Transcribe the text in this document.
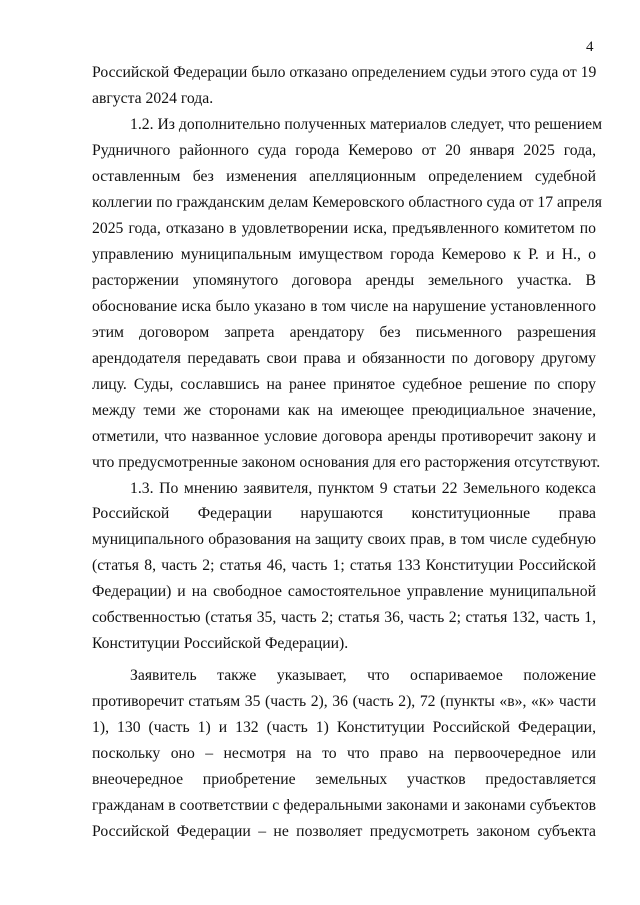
4
Российской Федерации было отказано определением судьи этого суда от 19
августа 2024 года.
1.2. Из дополнительно полученных материалов следует, что решением
Рудничного районного суда города Кемерово от 20 января 2025 года,
оставленным без изменения апелляционным определением судебной
коллегии по гражданским делам Кемеровского областного суда от 17 апреля
2025 года, отказано в удовлетворении иска, предъявленного комитетом по
управлению муниципальным имуществом города Кемерово к Р. и Н., о
расторжении упомянутого договора аренды земельного участка. В
обоснование иска было указано в том числе на нарушение установленного
этим договором запрета арендатору без письменного разрешения
арендодателя передавать свои права и обязанности по договору другому
лицу. Суды, сославшись на ранее принятое судебное решение по спору
между теми же сторонами как на имеющее преюдициальное значение,
отметили, что названное условие договора аренды противоречит закону и
что предусмотренные законом основания для его расторжения отсутствуют.
1.3. По мнению заявителя, пунктом 9 статьи 22 Земельного кодекса
Российской Федерации нарушаются конституционные права
муниципального образования на защиту своих прав, в том числе судебную
(статья 8, часть 2; статья 46, часть 1; статья 133 Конституции Российской
Федерации) и на свободное самостоятельное управление муниципальной
собственностью (статья 35, часть 2; статья 36, часть 2; статья 132, часть 1,
Конституции Российской Федерации).
Заявитель также указывает, что оспариваемое положение
противоречит статьям 35 (часть 2), 36 (часть 2), 72 (пункты «в», «к» части
1), 130 (часть 1) и 132 (часть 1) Конституции Российской Федерации,
поскольку оно – несмотря на то что право на первоочередное или
внеочередное приобретение земельных участков предоставляется
гражданам в соответствии с федеральными законами и законами субъектов
Российской Федерации – не позволяет предусмотреть законом субъекта
